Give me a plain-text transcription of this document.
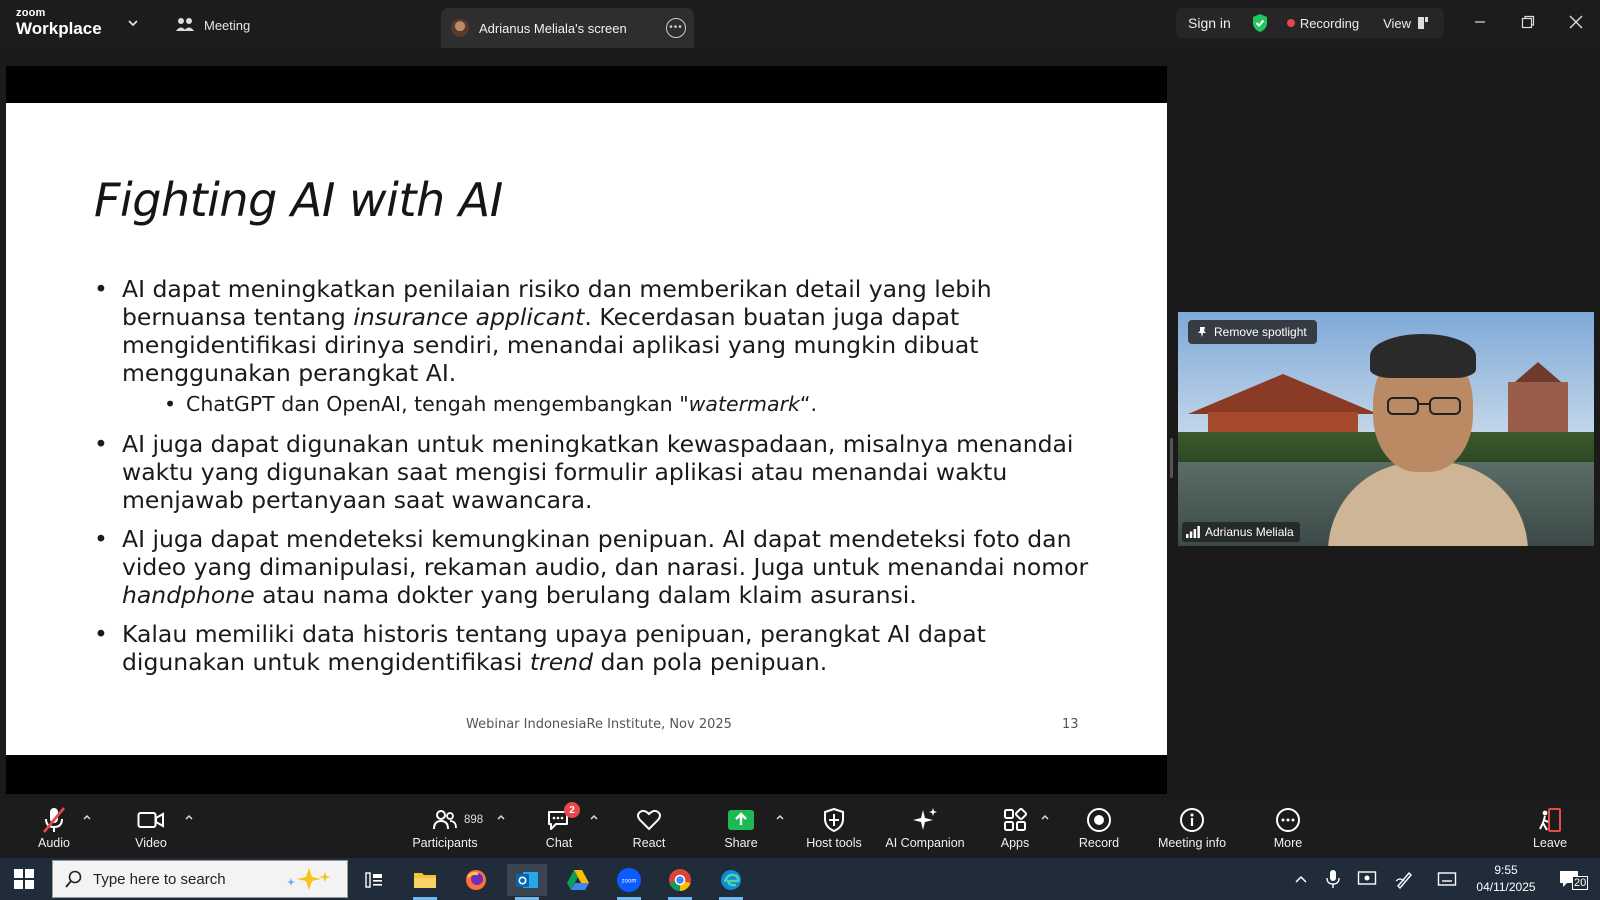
zoom
Workplace	Meeting	Adrianus Meliala's screen	•••	Sign in	Recording View
Fighting AI with AI
• AI dapat meningkatkan penilaian risiko dan memberikan detail yang lebih bernuansa tentang insurance applicant. Kecerdasan buatan juga dapat mengidentifikasi dirinya sendiri, menandai aplikasi yang mungkin dibuat menggunakan perangkat AI.
• ChatGPT dan OpenAI, tengah mengembangkan "watermark“.
• AI juga dapat digunakan untuk meningkatkan kewaspadaan, misalnya menandai waktu yang digunakan saat mengisi formulir aplikasi atau menandai waktu menjawab pertanyaan saat wawancara.
• AI juga dapat mendeteksi kemungkinan penipuan. AI dapat mendeteksi foto dan video yang dimanipulasi, rekaman audio, dan narasi. Juga untuk menandai nomor handphone atau nama dokter yang berulang dalam klaim asuransi.
• Kalau memiliki data historis tentang upaya penipuan, perangkat AI dapat digunakan untuk mengidentifikasi trend dan pola penipuan.
Webinar IndonesiaRe Institute, Nov 2025	13
Remove spotlight
Adrianus Meliala
Audio	Video	Participants
898
2
Chat	React	Share	Host tools AI Companion	Apps	Record	Meeting info	More	Leave
Type here to search	zoom
9:55
04/11/2025	20
